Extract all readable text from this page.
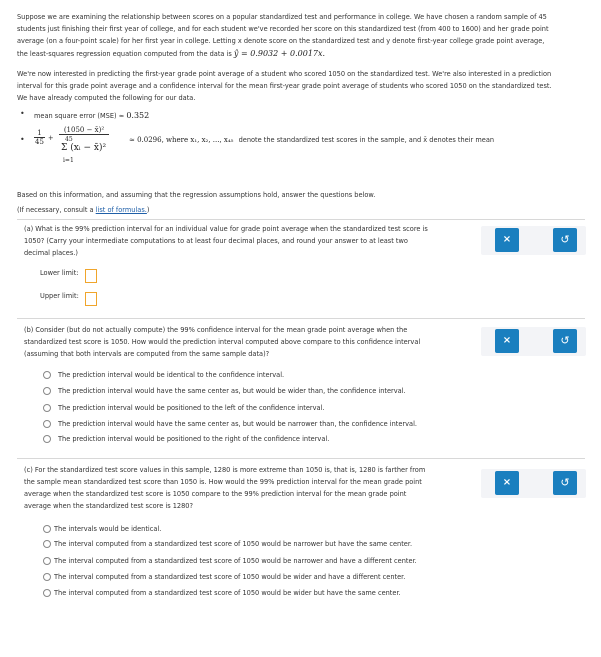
Suppose we are examining the relationship between scores on a popular standardized test and performance in college. We have chosen a random sample of 45
students just finishing their first year of college, and for each student we've recorded her score on this standardized test (from 400 to 1600) and her grade point
average (on a four-point scale) for her first year in college. Letting x denote score on the standardized test and y denote first-year college grade point average,
the least-squares regression equation computed from the data is ŷ = 0.9032 + 0.0017x.
We're now interested in predicting the first-year grade point average of a student who scored 1050 on the standardized test. We're also interested in a prediction
interval for this grade point average and a confidence interval for the mean first-year grade point average of students who scored 1050 on the standardized test.
We have already computed the following for our data.
• mean square error (MSE) ≈ 0.352
• $\frac{1}{45} + (1050$ − x̄)²
45
Σ (xᵢ − x̄)²
i=1	≈ 0.0296, where x₁, x₂, ..., x₄₅ denote the standardized test scores in the sample, and x̄ denotes their mean
Based on this information, and assuming that the regression assumptions hold, answer the questions below.
(If necessary, consult a list of formulas.)
(a) What is the 99% prediction interval for an individual value for grade point average when the standardized test score is
1050? (Carry your intermediate computations to at least four decimal places, and round your answer to at least two
decimal places.)
Lower limit:
Upper limit:
×	↺
(b) Consider (but do not actually compute) the 99% confidence interval for the mean grade point average when the
standardized test score is 1050. How would the prediction interval computed above compare to this confidence interval
(assuming that both intervals are computed from the same sample data)?
The prediction interval would be identical to the confidence interval.
The prediction interval would have the same center as, but would be wider than, the confidence interval.
The prediction interval would be positioned to the left of the confidence interval.
The prediction interval would have the same center as, but would be narrower than, the confidence interval.
The prediction interval would be positioned to the right of the confidence interval.
×	↺
(c) For the standardized test score values in this sample, 1280 is more extreme than 1050 is, that is, 1280 is farther from
the sample mean standardized test score than 1050 is. How would the 99% prediction interval for the mean grade point
average when the standardized test score is 1050 compare to the 99% prediction interval for the mean grade point
average when the standardized test score is 1280?
The intervals would be identical.
The interval computed from a standardized test score of 1050 would be narrower but have the same center.
The interval computed from a standardized test score of 1050 would be narrower and have a different center.
The interval computed from a standardized test score of 1050 would be wider and have a different center.
The interval computed from a standardized test score of 1050 would be wider but have the same center.
×	↺
